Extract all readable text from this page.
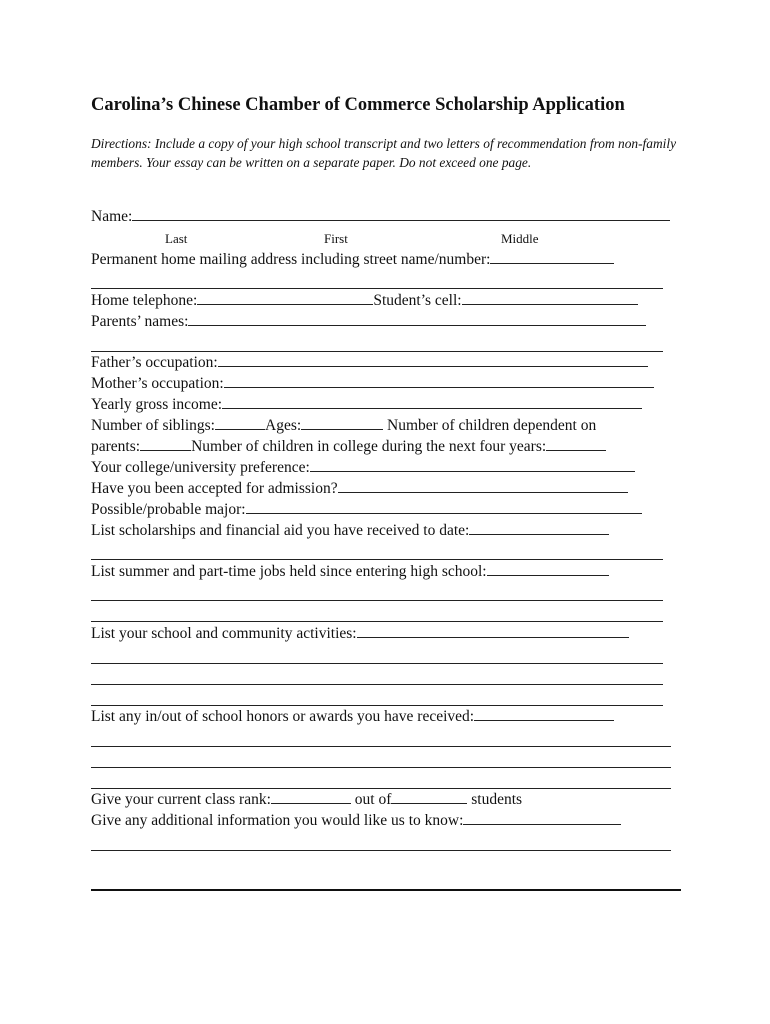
Carolina’s Chinese Chamber of Commerce Scholarship Application
Directions: Include a copy of your high school transcript and two letters of recommendation from non-family members. Your essay can be written on a separate paper. Do not exceed one page.
Name:
Last	First	Middle
Permanent home mailing address including street name/number:
Home telephone:	Student’s cell:
Parents’ names:
Father’s occupation:
Mother’s occupation:
Yearly gross income:
Number of siblings:	Ages:	Number of children dependent on
parents:	Number of children in college during the next four years:
Your college/university preference:
Have you been accepted for admission?
Possible/probable major:
List scholarships and financial aid you have received to date:
List summer and part-time jobs held since entering high school:
List your school and community activities:
List any in/out of school honors or awards you have received:
Give your current class rank:	out of	students
Give any additional information you would like us to know:
